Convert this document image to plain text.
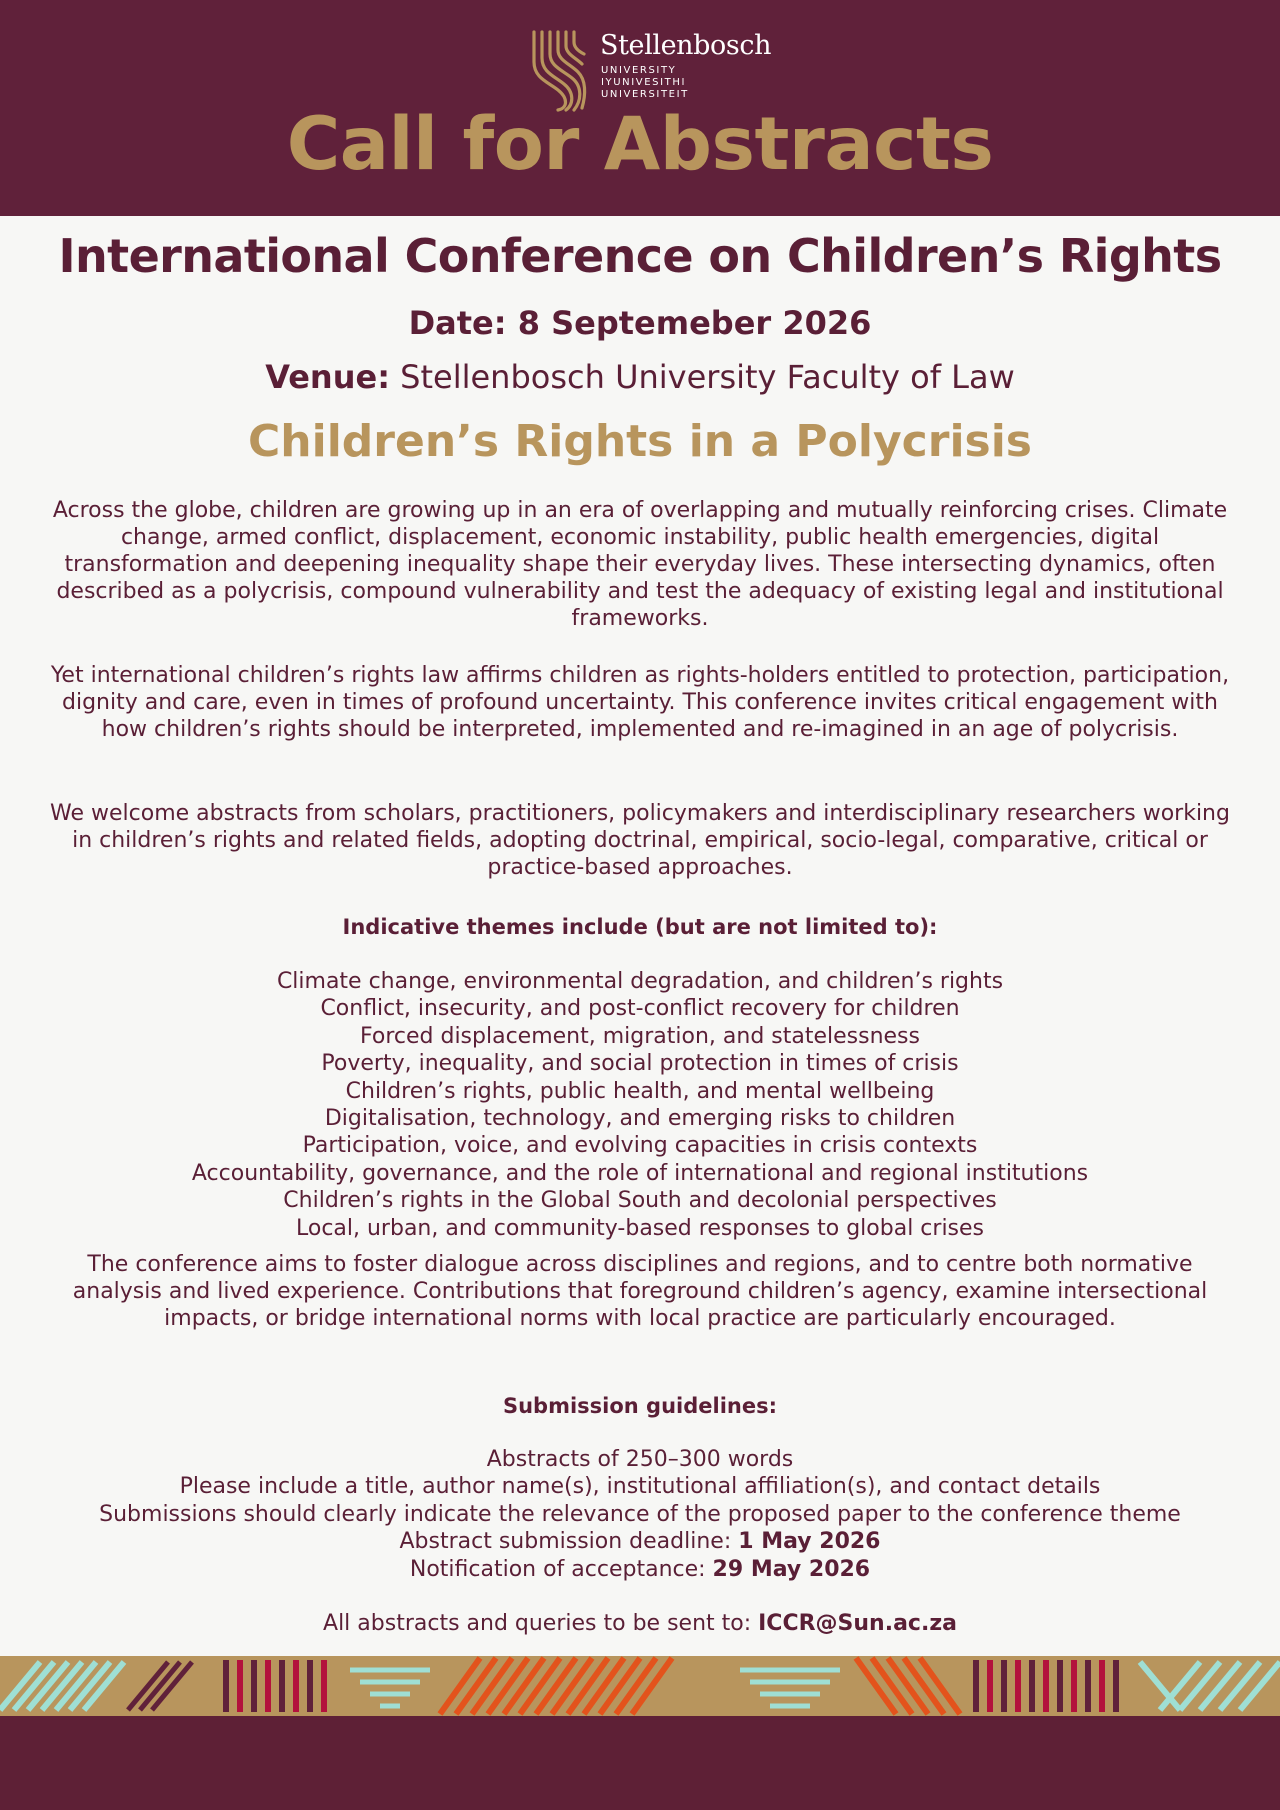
Stellenbosch
UNIVERSITY
IYUNIVESITHI
UNIVERSITEIT
Call for Abstracts
International Conference on Children’s Rights
Date: 8 Septemeber 2026
Venue: Stellenbosch University Faculty of Law
Children’s Rights in a Polycrisis
Across the globe, children are growing up in an era of overlapping and mutually reinforcing crises. Climate change, armed conflict, displacement, economic instability, public health emergencies, digital transformation and deepening inequality shape their everyday lives. These intersecting dynamics, often described as a polycrisis, compound vulnerability and test the adequacy of existing legal and institutional frameworks.
Yet international children’s rights law affirms children as rights-holders entitled to protection, participation, dignity and care, even in times of profound uncertainty. This conference invites critical engagement with how children’s rights should be interpreted, implemented and re-imagined in an age of polycrisis.
We welcome abstracts from scholars, practitioners, policymakers and interdisciplinary researchers working in children’s rights and related fields, adopting doctrinal, empirical, socio-legal, comparative, critical or practice-based approaches.
Indicative themes include (but are not limited to):
Climate change, environmental degradation, and children’s rights
Conflict, insecurity, and post-conflict recovery for children
Forced displacement, migration, and statelessness
Poverty, inequality, and social protection in times of crisis
Children’s rights, public health, and mental wellbeing
Digitalisation, technology, and emerging risks to children
Participation, voice, and evolving capacities in crisis contexts
Accountability, governance, and the role of international and regional institutions
Children’s rights in the Global South and decolonial perspectives
Local, urban, and community-based responses to global crises
The conference aims to foster dialogue across disciplines and regions, and to centre both normative analysis and lived experience. Contributions that foreground children’s agency, examine intersectional impacts, or bridge international norms with local practice are particularly encouraged.
Submission guidelines:
Abstracts of 250–300 words
Please include a title, author name(s), institutional affiliation(s), and contact details
Submissions should clearly indicate the relevance of the proposed paper to the conference theme
Abstract submission deadline: 1 May 2026
Notification of acceptance: 29 May 2026
All abstracts and queries to be sent to: ICCR@Sun.ac.za
